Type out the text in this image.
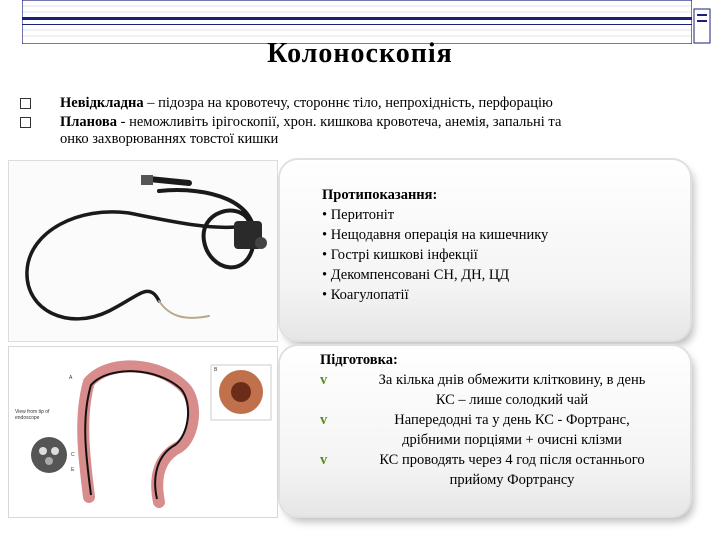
Колоноскопія
Невідкладна – підозра на кровотечу, стороннє тіло, непрохідність, перфорацію
Планова - неможливіть ірігоскопії, хрон. кишкова кровотеча, анемія, запальні та
онко захворюваннях товстої кишки
Протипоказання:
• Перитоніт
• Нещодавня операція на кишечнику
• Гострі кишкові інфекції
• Декомпенсовані СН, ДН, ЦД
• Коагулопатії
A
B
C
E
View from tip of endoscope
Підготовка:
v	За кілька днів обмежити клітковину, в день
КС – лише солодкий чай
v	Напередодні та у день КС - Фортранс,
дрібними порціями + очисні клізми
v	КС проводять через 4 год після останнього
прийому Фортрансу
